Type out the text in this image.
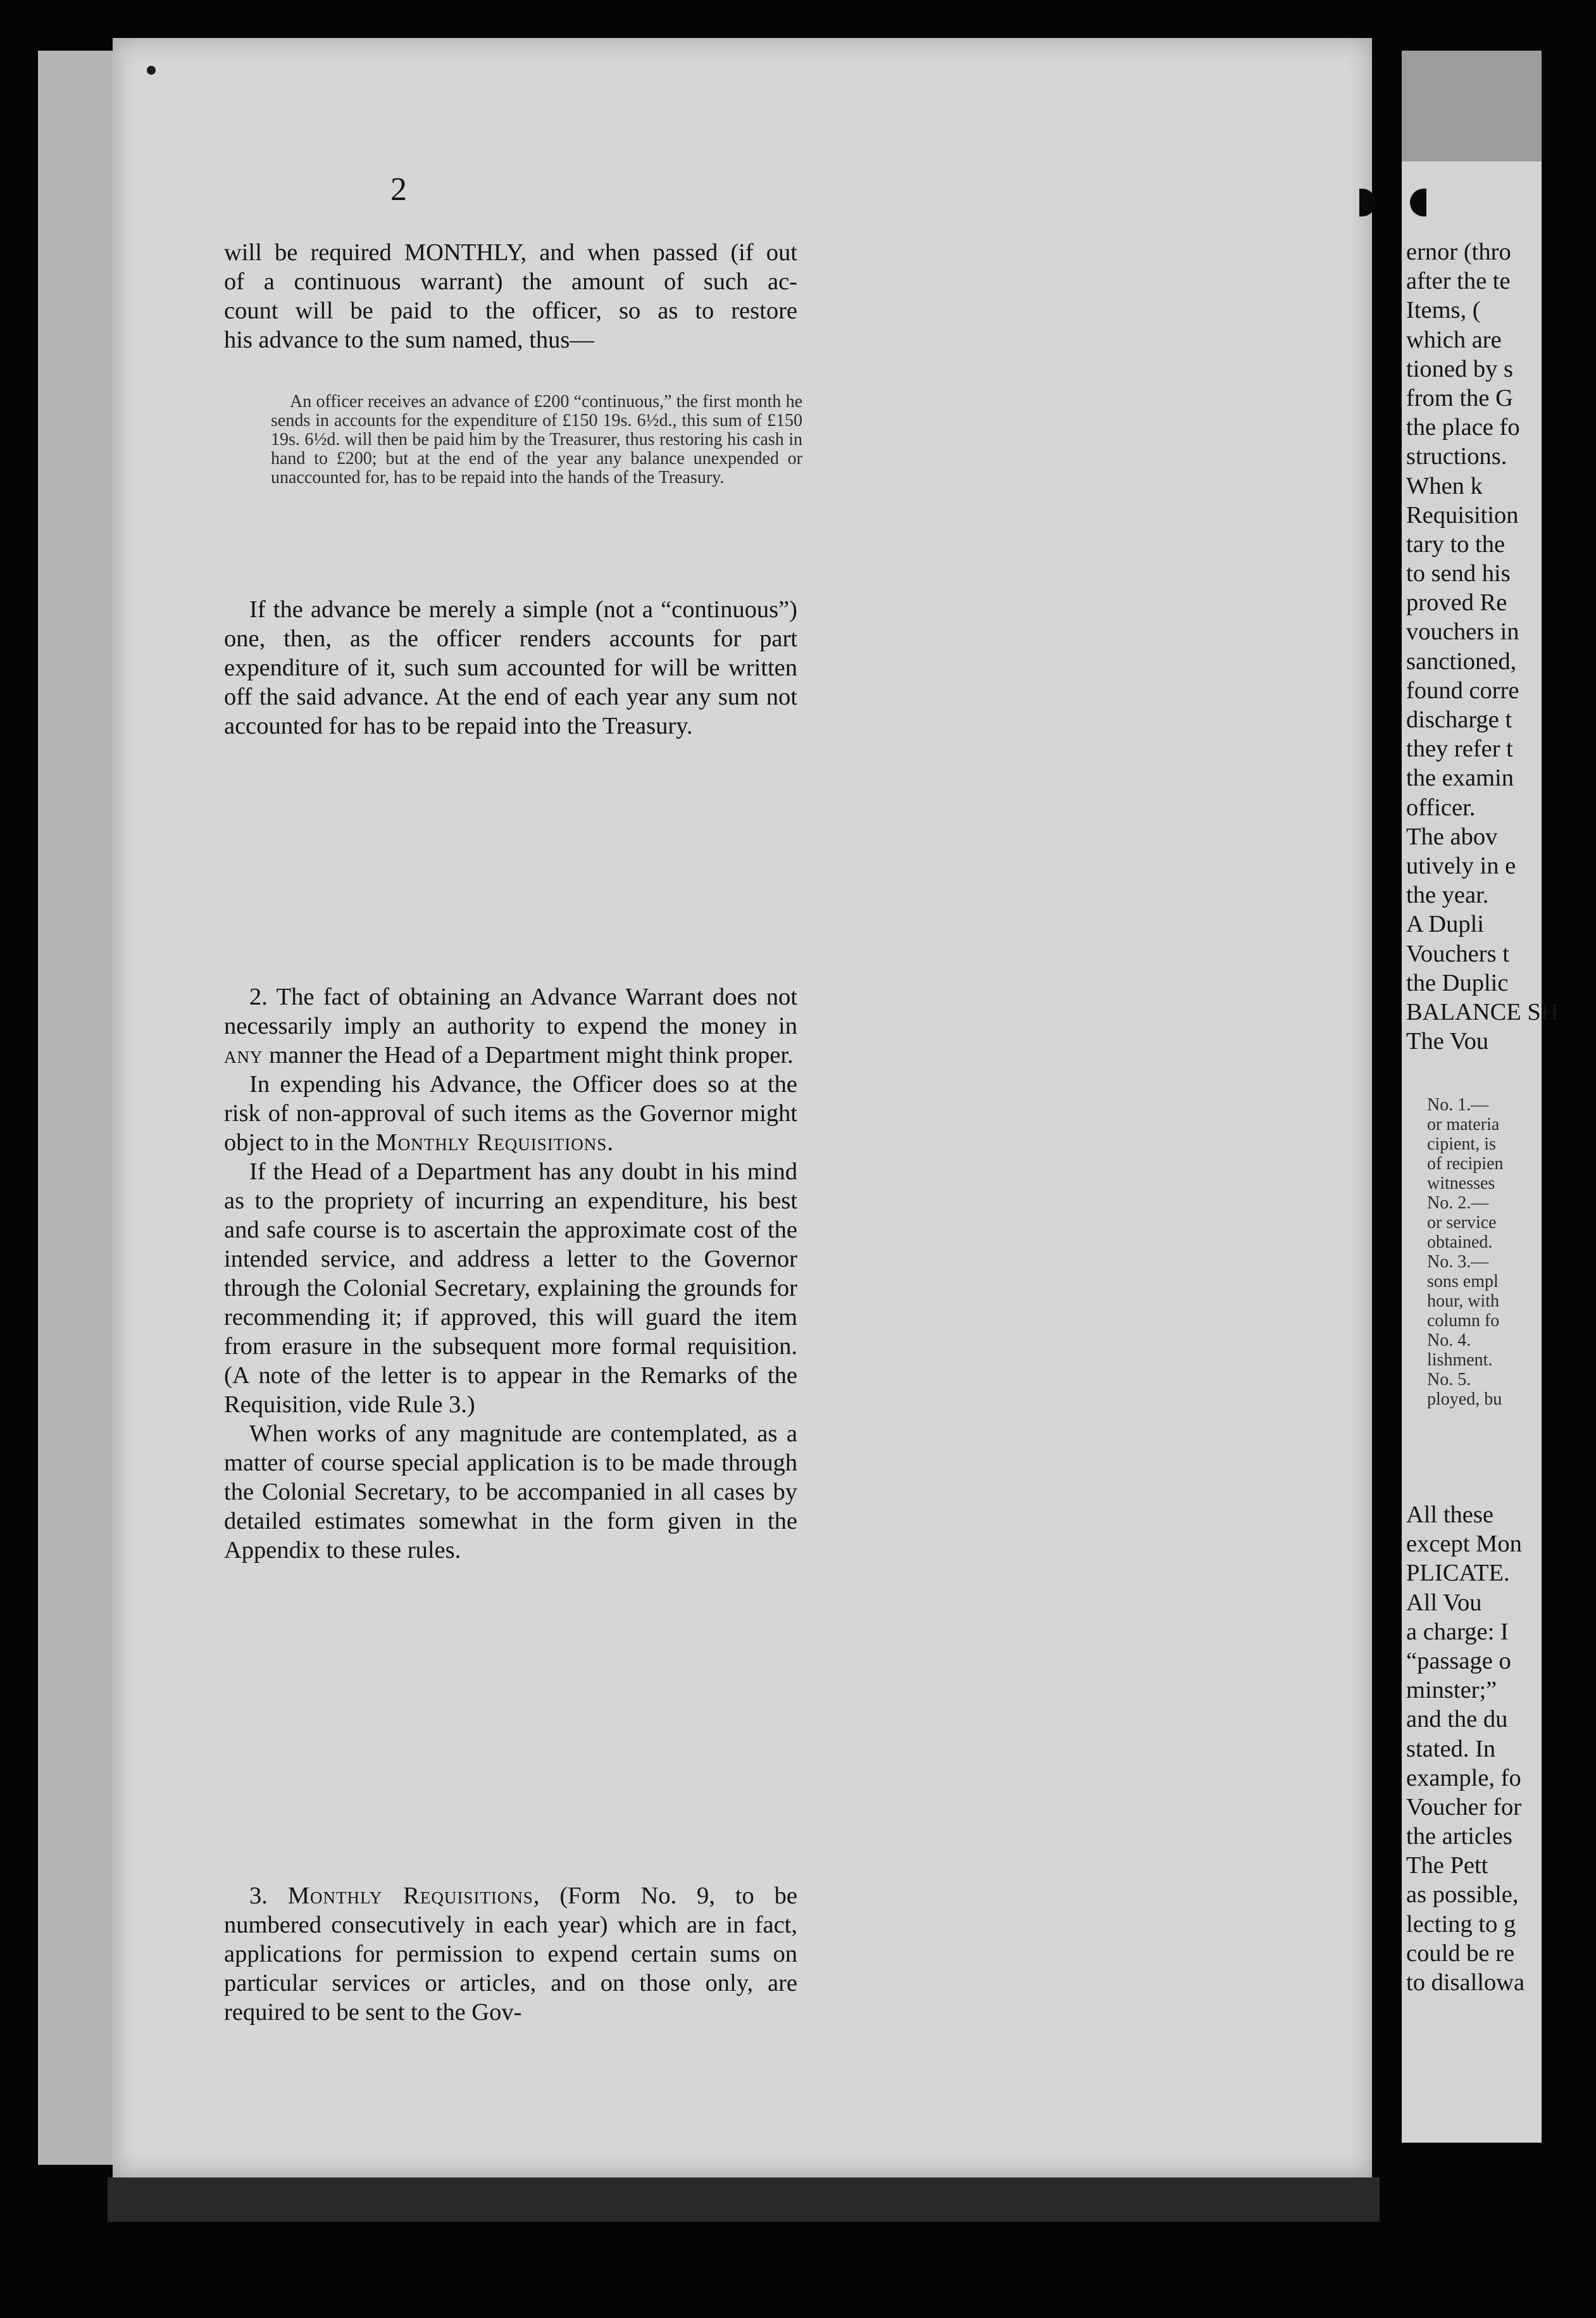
2
will be required MONTHLY, and when passed (if out
of a continuous warrant) the amount of such ac-
count will be paid to the officer, so as to restore
his advance to the sum named, thus—

An officer receives an advance of £200 “continuous,” the first month he sends in accounts for the expenditure of £150 19s. 6½d., this sum of £150 19s. 6½d. will then be paid him by the Treasurer, thus restoring his cash in hand to £200; but at the end of the year any balance unexpended or unaccounted for, has to be repaid into the hands of the Treasury.

If the advance be merely a simple (not a “continuous”) one, then, as the officer renders accounts for part expenditure of it, such sum accounted for will be written off the said advance. At the end of each year any sum not accounted for has to be repaid into the Treasury.

2. The fact of obtaining an Advance Warrant does not necessarily imply an authority to expend the money in any manner the Head of a Department might think proper.

In expending his Advance, the Officer does so at the risk of non-approval of such items as the Governor might object to in the Monthly Requisitions.

If the Head of a Department has any doubt in his mind as to the propriety of incurring an expenditure, his best and safe course is to ascertain the approximate cost of the intended service, and address a letter to the Governor through the Colonial Secretary, explaining the grounds for recommending it; if approved, this will guard the item from erasure in the subsequent more formal requisition. (A note of the letter is to appear in the Remarks of the Requisition, vide Rule 3.)

When works of any magnitude are contemplated, as a matter of course special application is to be made through the Colonial Secretary, to be accompanied in all cases by detailed estimates somewhat in the form given in the Appendix to these rules.

3. Monthly Requisitions, (Form No. 9, to be numbered consecutively in each year) which are in fact, applications for permission to expend certain sums on particular services or articles, and on those only, are required to be sent to the Gov-

ernor (thro
after the te
Items, (
which are
tioned by s
from the G
the place fo
structions.
When k
Requisition
tary to the
to send his
proved Re
vouchers in
sanctioned,
found corre
discharge t
they refer t
the examin
officer.
The abov
utively in e
the year.
A Dupli
Vouchers t
the Duplic
BALANCE SH
The Vou
No. 1.—
or materia
cipient, is
of recipien
witnesses
No. 2.—
or service
obtained.
No. 3.—
sons empl
hour, with
column fo
No. 4.
lishment.
No. 5.
ployed, bu
All these
except Mon
PLICATE.
All Vou
a charge: I
“passage o
minster;”
and the du
stated. In
example, fo
Voucher for
the articles
The Pett
as possible,
lecting to g
could be re
to disallowa
